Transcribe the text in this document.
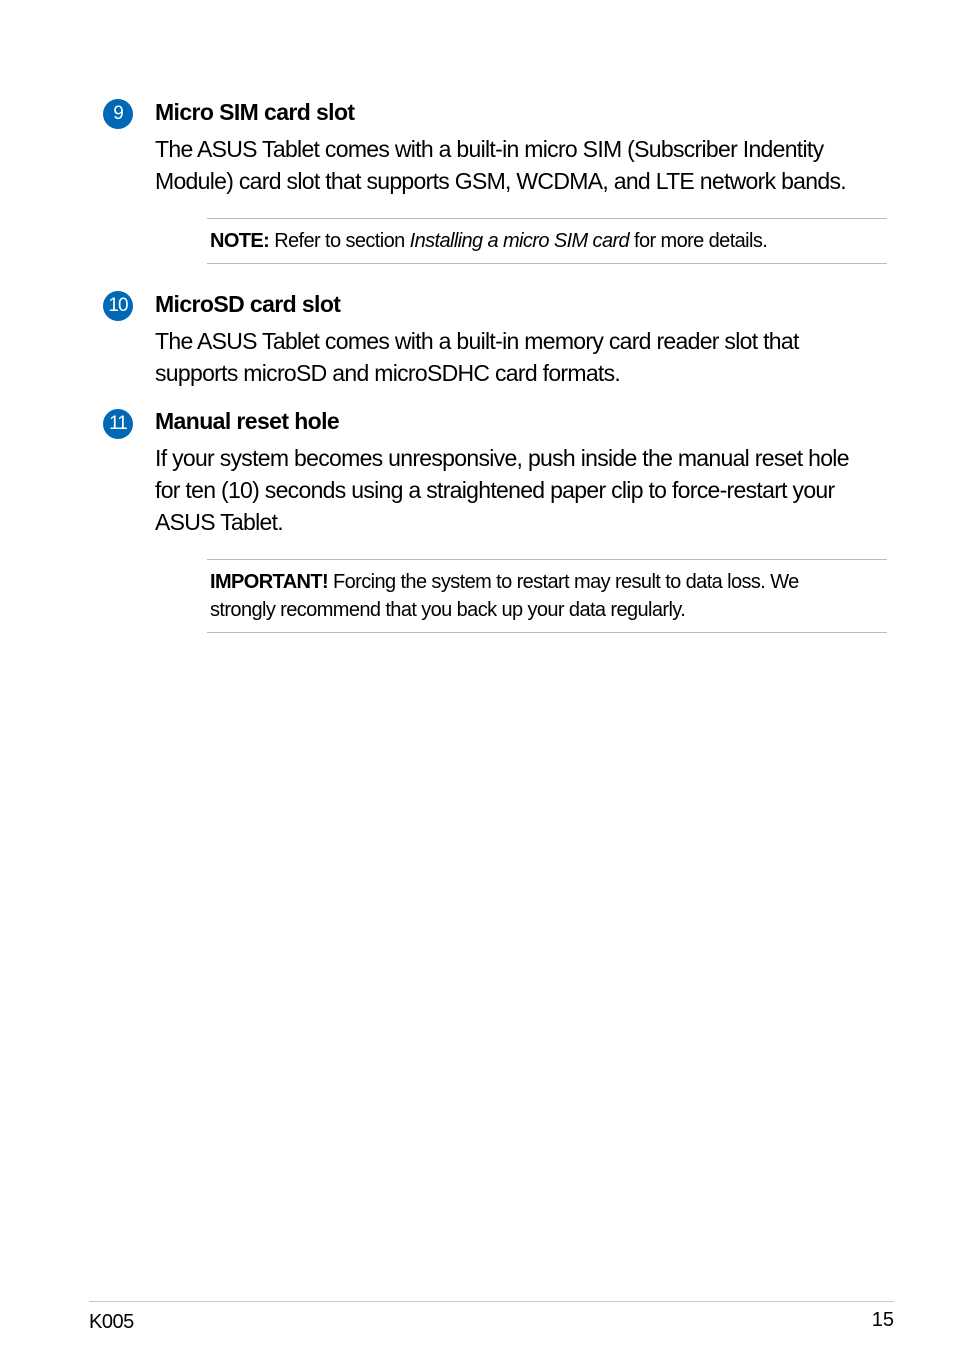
9	Micro SIM card slot

The ASUS Tablet comes with a built-in micro SIM (Subscriber Indentity
Module) card slot that supports GSM, WCDMA, and LTE network bands.

NOTE: Refer to section Installing a micro SIM card for more details.

10 MicroSD card slot

The ASUS Tablet comes with a built-in memory card reader slot that
supports microSD and microSDHC card formats.

11 Manual reset hole

If your system becomes unresponsive, push inside the manual reset hole
for ten (10) seconds using a straightened paper clip to force-restart your
ASUS Tablet.

IMPORTANT! Forcing the system to restart may result to data loss. We
strongly recommend that you back up your data regularly.

K005	15
